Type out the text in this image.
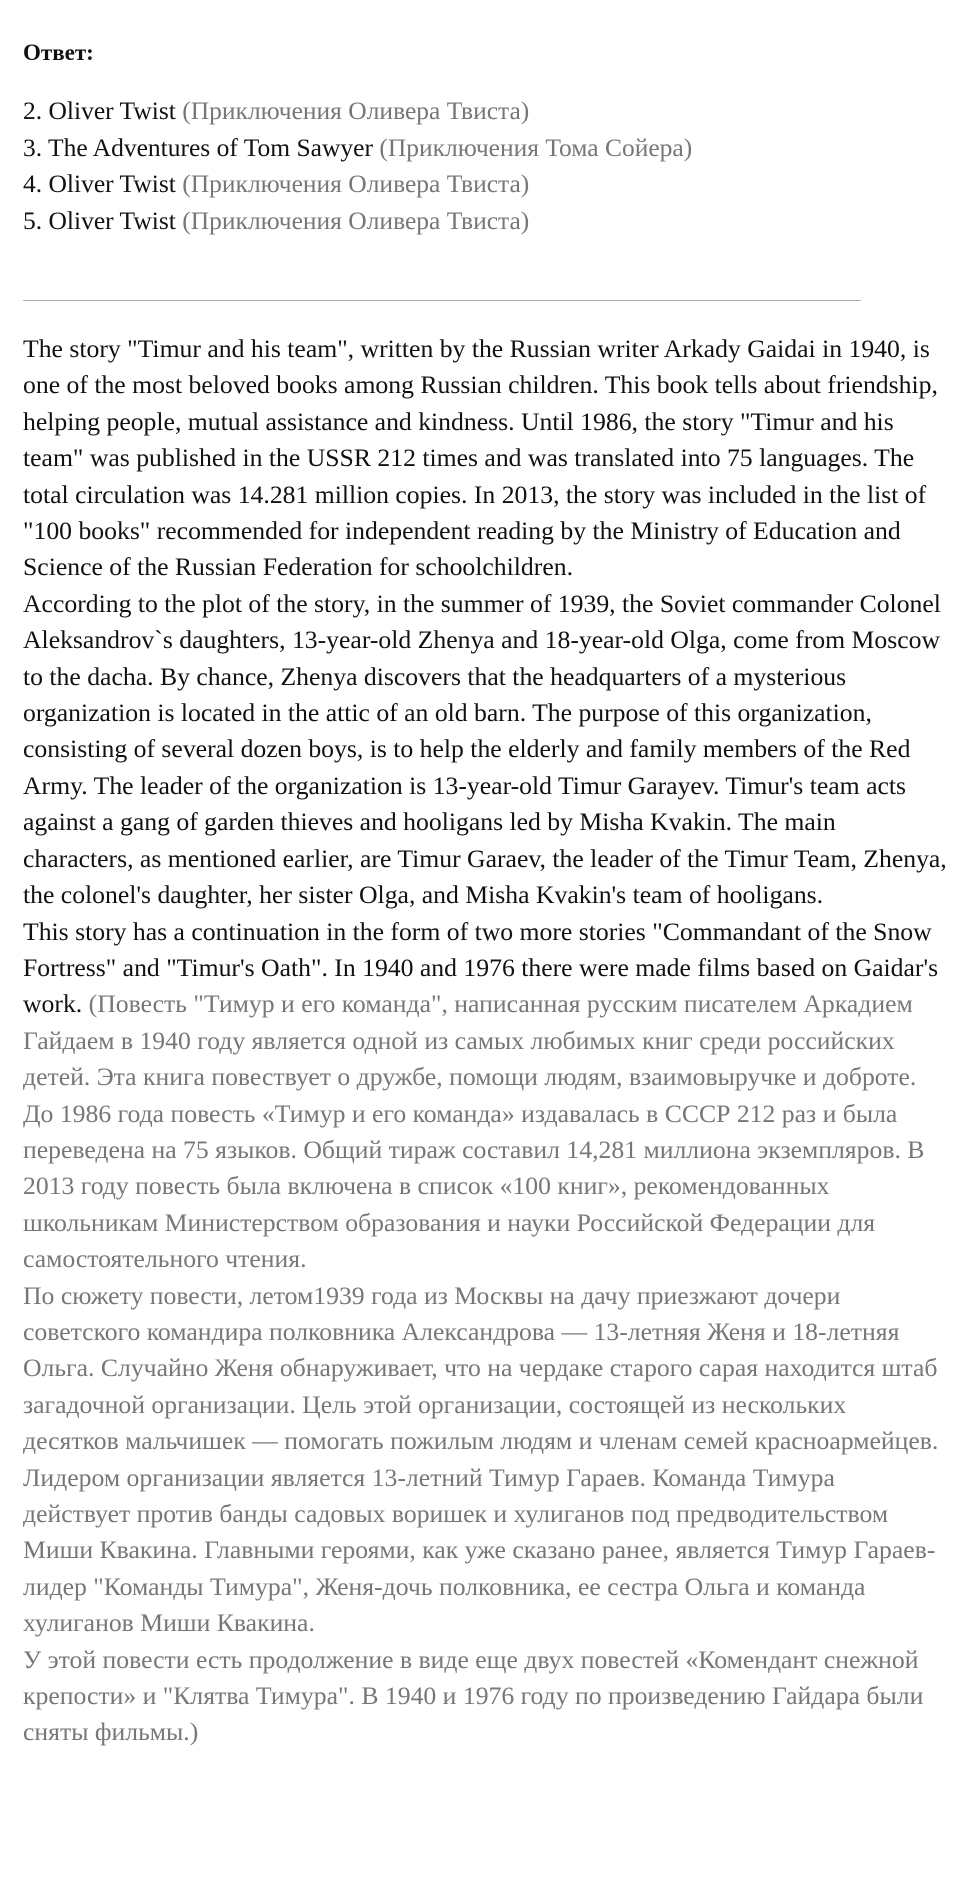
Ответ:
2. Oliver Twist (Приключения Оливера Твиста)
3. The Adventures of Tom Sawyer (Приключения Тома Сойера)
4. Oliver Twist (Приключения Оливера Твиста)
5. Oliver Twist (Приключения Оливера Твиста)

The story "Timur and his team", written by the Russian writer Arkady Gaidai in 1940, is one of the most beloved books among Russian children. This book tells about friendship, helping people, mutual assistance and kindness. Until 1986, the story "Timur and his team" was published in the USSR 212 times and was translated into 75 languages. The total circulation was 14.281 million copies. In 2013, the story was included in the list of "100 books" recommended for independent reading by the Ministry of Education and Science of the Russian Federation for schoolchildren.

According to the plot of the story, in the summer of 1939, the Soviet commander Colonel Aleksandrov`s daughters, 13-year-old Zhenya and 18-year-old Olga, come from Moscow to the dacha. By chance, Zhenya discovers that the headquarters of a mysterious organization is located in the attic of an old barn. The purpose of this organization, consisting of several dozen boys, is to help the elderly and family members of the Red Army. The leader of the organization is 13-year-old Timur Garayev. Timur's team acts against a gang of garden thieves and hooligans led by Misha Kvakin. The main characters, as mentioned earlier, are Timur Garaev, the leader of the Timur Team, Zhenya, the colonel's daughter, her sister Olga, and Misha Kvakin's team of hooligans.

This story has a continuation in the form of two more stories "Commandant of the Snow Fortress" and "Timur's Oath". In 1940 and 1976 there were made films based on Gaidar's work. (Повесть "Тимур и его команда", написанная русским писателем Аркадием Гайдаем в 1940 году является одной из самых любимых книг среди российских детей. Эта книга повествует о дружбе, помощи людям, взаимовыручке и доброте. До 1986 года повесть «Тимур и его команда» издавалась в СССР 212 раз и была переведена на 75 языков. Общий тираж составил 14,281 миллиона экземпляров. В 2013 году повесть была включена в список «100 книг», рекомендованных школьникам Министерством образования и науки Российской Федерации для самостоятельного чтения.

По сюжету повести, летом1939 года из Москвы на дачу приезжают дочери советского командира полковника Александрова — 13-летняя Женя и 18-летняя Ольга. Случайно Женя обнаруживает, что на чердаке старого сарая находится штаб загадочной организации. Цель этой организации, состоящей из нескольких десятков мальчишек — помогать пожилым людям и членам семей красноармейцев. Лидером организации является 13-летний Тимур Гараев. Команда Тимура действует против банды садовых воришек и хулиганов под предводительством Миши Квакина. Главными героями, как уже сказано ранее, является Тимур Гараев-лидер "Команды Тимура", Женя-дочь полковника, ее сестра Ольга и команда хулиганов Миши Квакина.

У этой повести есть продолжение в виде еще двух повестей «Комендант снежной крепости» и "Клятва Тимура". В 1940 и 1976 году по произведению Гайдара были сняты фильмы.)
